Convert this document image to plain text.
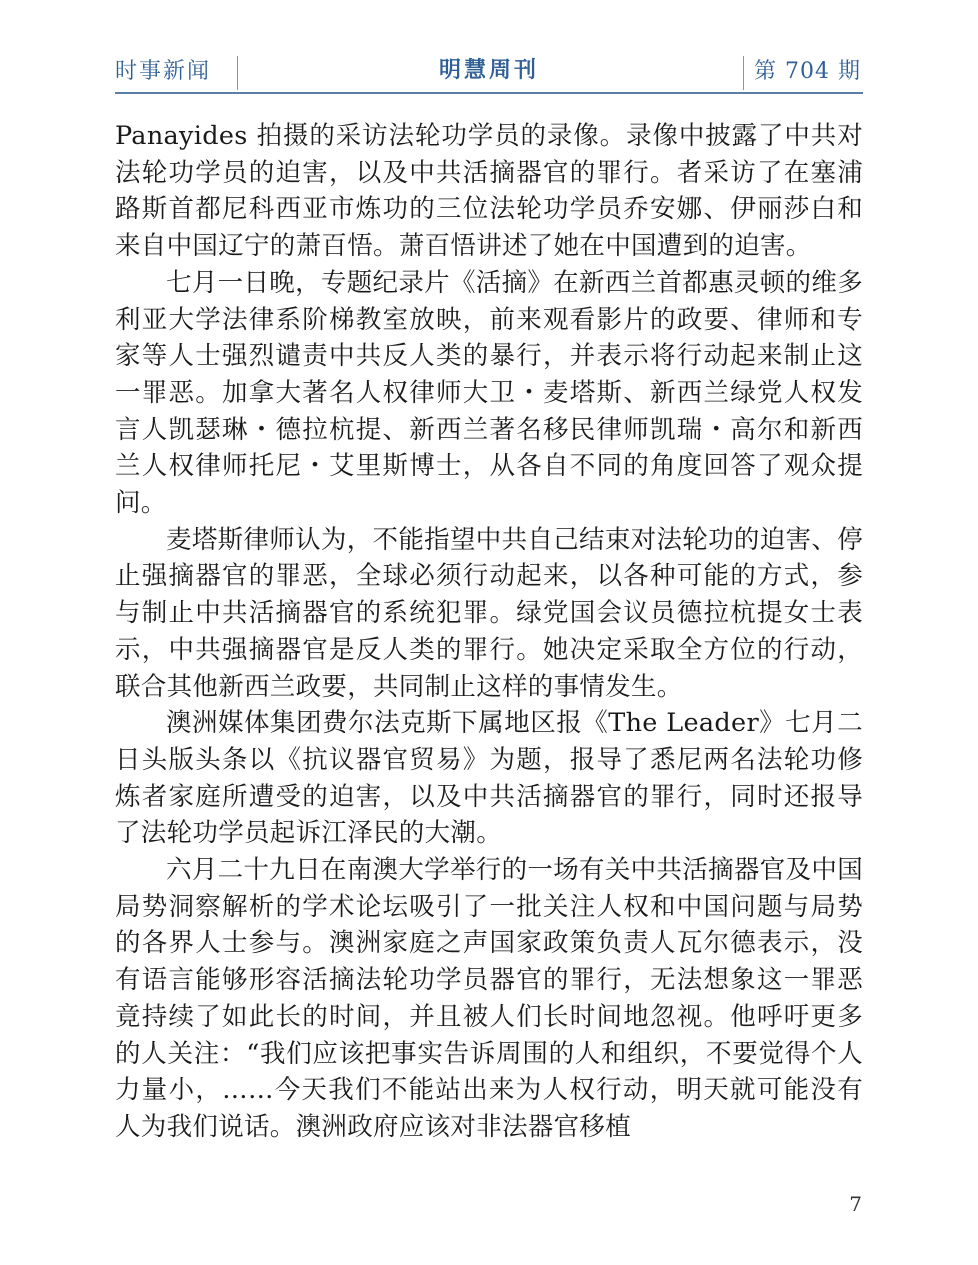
时事新闻	明慧周刊	第 704 期

Panayides 拍摄的采访法轮功学员的录像。录像中披露了中共对法轮功学员的迫害，以及中共活摘器官的罪行。者采访了在塞浦路斯首都尼科西亚市炼功的三位法轮功学员乔安娜、伊丽莎白和来自中国辽宁的萧百悟。萧百悟讲述了她在中国遭到的迫害。

七月一日晚，专题纪录片《活摘》在新西兰首都惠灵顿的维多利亚大学法律系阶梯教室放映，前来观看影片的政要、律师和专家等人士强烈谴责中共反人类的暴行，并表示将行动起来制止这一罪恶。加拿大著名人权律师大卫・麦塔斯、新西兰绿党人权发言人凯瑟琳・德拉杭提、新西兰著名移民律师凯瑞・高尔和新西兰人权律师托尼・艾里斯博士，从各自不同的角度回答了观众提问。

麦塔斯律师认为，不能指望中共自己结束对法轮功的迫害、停止强摘器官的罪恶，全球必须行动起来，以各种可能的方式，参与制止中共活摘器官的系统犯罪。绿党国会议员德拉杭提女士表示，中共强摘器官是反人类的罪行。她决定采取全方位的行动，联合其他新西兰政要，共同制止这样的事情发生。

澳洲媒体集团费尔法克斯下属地区报《The Leader》七月二日头版头条以《抗议器官贸易》为题，报导了悉尼两名法轮功修炼者家庭所遭受的迫害，以及中共活摘器官的罪行，同时还报导了法轮功学员起诉江泽民的大潮。

六月二十九日在南澳大学举行的一场有关中共活摘器官及中国局势洞察解析的学术论坛吸引了一批关注人权和中国问题与局势的各界人士参与。澳洲家庭之声国家政策负责人瓦尔德表示，没有语言能够形容活摘法轮功学员器官的罪行，无法想象这一罪恶竟持续了如此长的时间，并且被人们长时间地忽视。他呼吁更多的人关注：“我们应该把事实告诉周围的人和组织，不要觉得个人力量小，……今天我们不能站出来为人权行动，明天就可能没有人为我们说话。澳洲政府应该对非法器官移植

7
